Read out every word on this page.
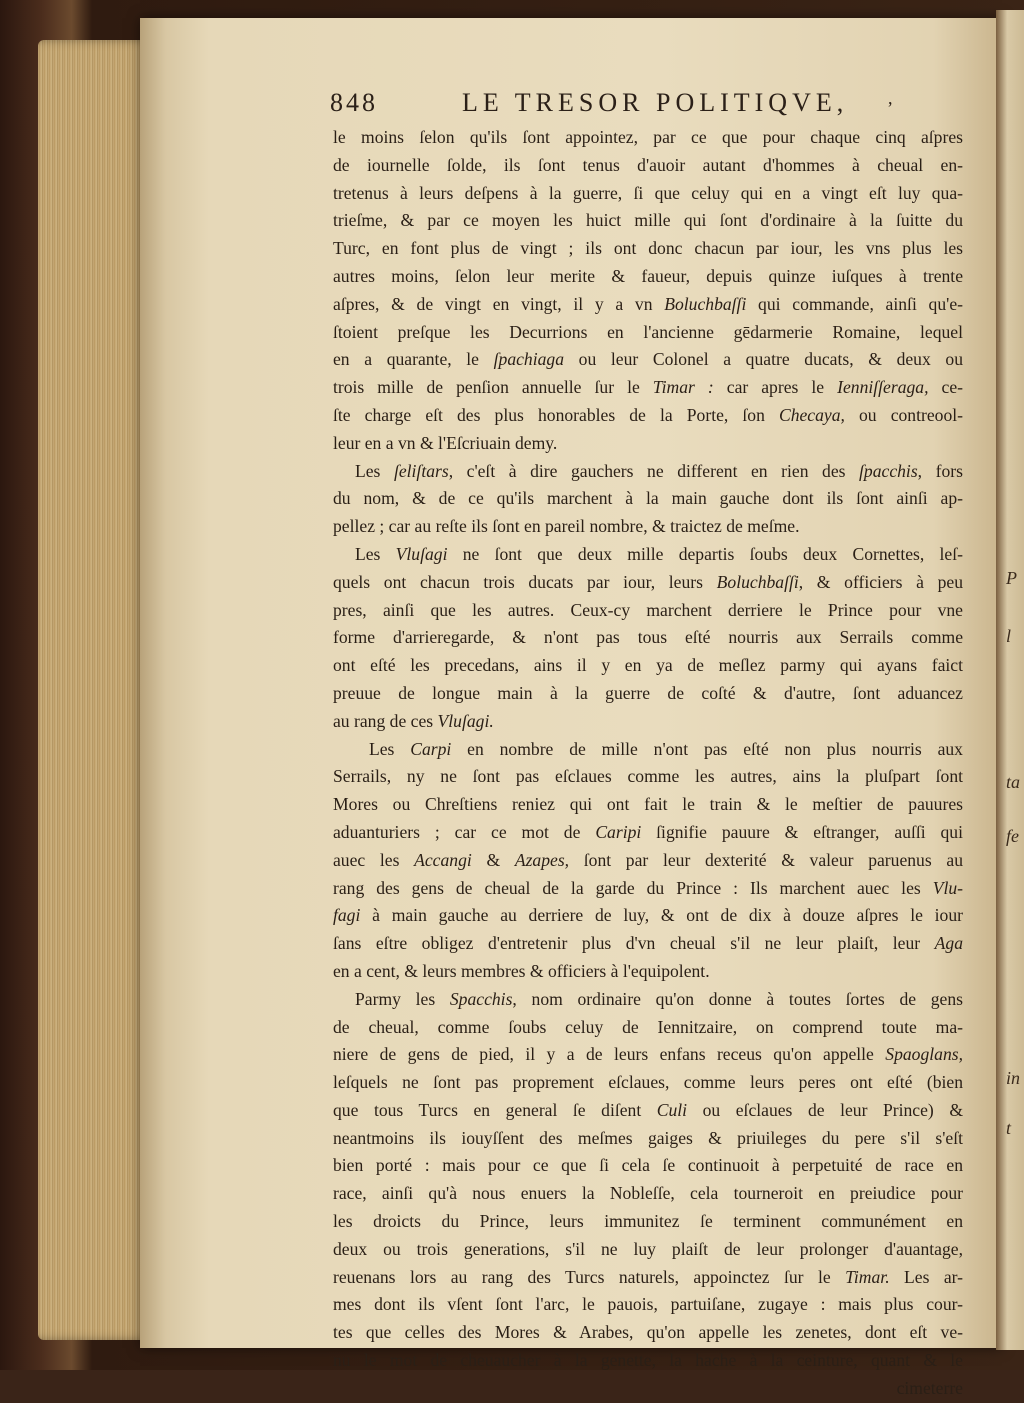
P
l
ta
fe
in
t
848	LE TRESOR POLITIQVE, ,
le moins ſelon qu'ils ſont appointez, par ce que pour chaque cinq aſpres
de iournelle ſolde, ils ſont tenus d'auoir autant d'hommes à cheual en-
tretenus à leurs deſpens à la guerre, ſi que celuy qui en a vingt eſt luy qua-
trieſme, & par ce moyen les huict mille qui ſont d'ordinaire à la ſuitte du
Turc, en font plus de vingt ; ils ont donc chacun par iour, les vns plus les
autres moins, ſelon leur merite & faueur, depuis quinze iuſques à trente
aſpres, & de vingt en vingt, il y a vn Boluchbaſſi qui commande, ainſi qu'e-
ſtoient preſque les Decurrions en l'ancienne gēdarmerie Romaine, lequel
en a quarante, le ſpachiaga ou leur Colonel a quatre ducats, & deux ou
trois mille de penſion annuelle ſur le Timar : car apres le Ienniſſeraga, ce-
ſte charge eſt des plus honorables de la Porte, ſon Checaya, ou contreool-
leur en a vn & l'Eſcriuain demy.
Les ſeliſtars, c'eſt à dire gauchers ne different en rien des ſpacchis, fors
du nom, & de ce qu'ils marchent à la main gauche dont ils ſont ainſi ap-
pellez ; car au reſte ils ſont en pareil nombre, & traictez de meſme.
Les Vluſagi ne ſont que deux mille departis ſoubs deux Cornettes, leſ-
quels ont chacun trois ducats par iour, leurs Boluchbaſſi, & officiers à peu
pres, ainſi que les autres. Ceux-cy marchent derriere le Prince pour vne
forme d'arrieregarde, & n'ont pas tous eſté nourris aux Serrails comme
ont eſté les precedans, ains il y en ya de meſlez parmy qui ayans faict
preuue de longue main à la guerre de coſté & d'autre, ſont aduancez
au rang de ces Vluſagi.
Les Carpi en nombre de mille n'ont pas eſté non plus nourris aux
Serrails, ny ne ſont pas eſclaues comme les autres, ains la pluſpart ſont
Mores ou Chreſtiens reniez qui ont fait le train & le meſtier de pauures
aduanturiers ; car ce mot de Caripi ſignifie pauure & eſtranger, auſſi qui
auec les Accangi & Azapes, ſont par leur dexterité & valeur paruenus au
rang des gens de cheual de la garde du Prince : Ils marchent auec les Vlu-
fagi à main gauche au derriere de luy, & ont de dix à douze aſpres le iour
ſans eſtre obligez d'entretenir plus d'vn cheual s'il ne leur plaiſt, leur Aga
en a cent, & leurs membres & officiers à l'equipolent.
Parmy les Spacchis, nom ordinaire qu'on donne à toutes ſortes de gens
de cheual, comme ſoubs celuy de Iennitzaire, on comprend toute ma-
niere de gens de pied, il y a de leurs enfans receus qu'on appelle Spaoglans,
leſquels ne ſont pas proprement eſclaues, comme leurs peres ont eſté (bien
que tous Turcs en general ſe diſent Culi ou eſclaues de leur Prince) &
neantmoins ils iouyſſent des meſmes gaiges & priuileges du pere s'il s'eſt
bien porté : mais pour ce que ſi cela ſe continuoit à perpetuité de race en
race, ainſi qu'à nous enuers la Nobleſſe, cela tourneroit en preiudice pour
les droicts du Prince, leurs immunitez ſe terminent communément en
deux ou trois generations, s'il ne luy plaiſt de leur prolonger d'auantage,
reuenans lors au rang des Turcs naturels, appoinctez ſur le Timar. Les ar-
mes dont ils vſent ſont l'arc, le pauois, partuiſane, zugaye : mais plus cour-
tes que celles des Mores & Arabes, qu'on appelle les zenetes, dont eſt ve-
nu le mot de cheuaucher à la genette, la hache à la ceinture, quant & le
cimeterre
